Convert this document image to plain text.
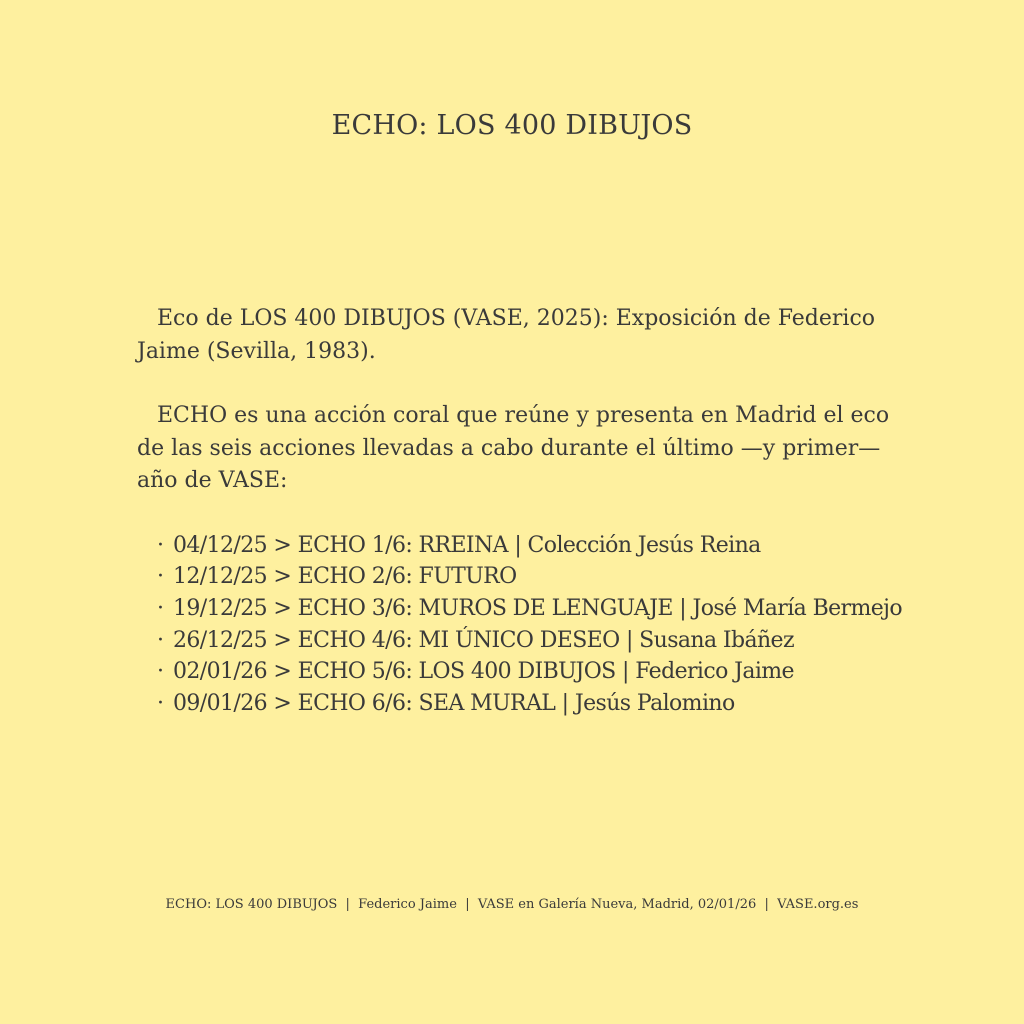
ECHO: LOS 400 DIBUJOS

Eco de LOS 400 DIBUJOS (VASE, 2025): Exposición de Federico Jaime (Sevilla, 1983).

ECHO es una acción coral que reúne y presenta en Madrid el eco de las seis acciones llevadas a cabo durante el último —y primer— año de VASE:

· 04/12/25 > ECHO 1/6: RREINA | Colección Jesús Reina
· 12/12/25 > ECHO 2/6: FUTURO
· 19/12/25 > ECHO 3/6: MUROS DE LENGUAJE | José María Bermejo
· 26/12/25 > ECHO 4/6: MI ÚNICO DESEO | Susana Ibáñez
· 02/01/26 > ECHO 5/6: LOS 400 DIBUJOS | Federico Jaime
· 09/01/26 > ECHO 6/6: SEA MURAL | Jesús Palomino
ECHO: LOS 400 DIBUJOS  |  Federico Jaime  |  VASE en Galería Nueva, Madrid, 02/01/26  |  VASE.org.es
